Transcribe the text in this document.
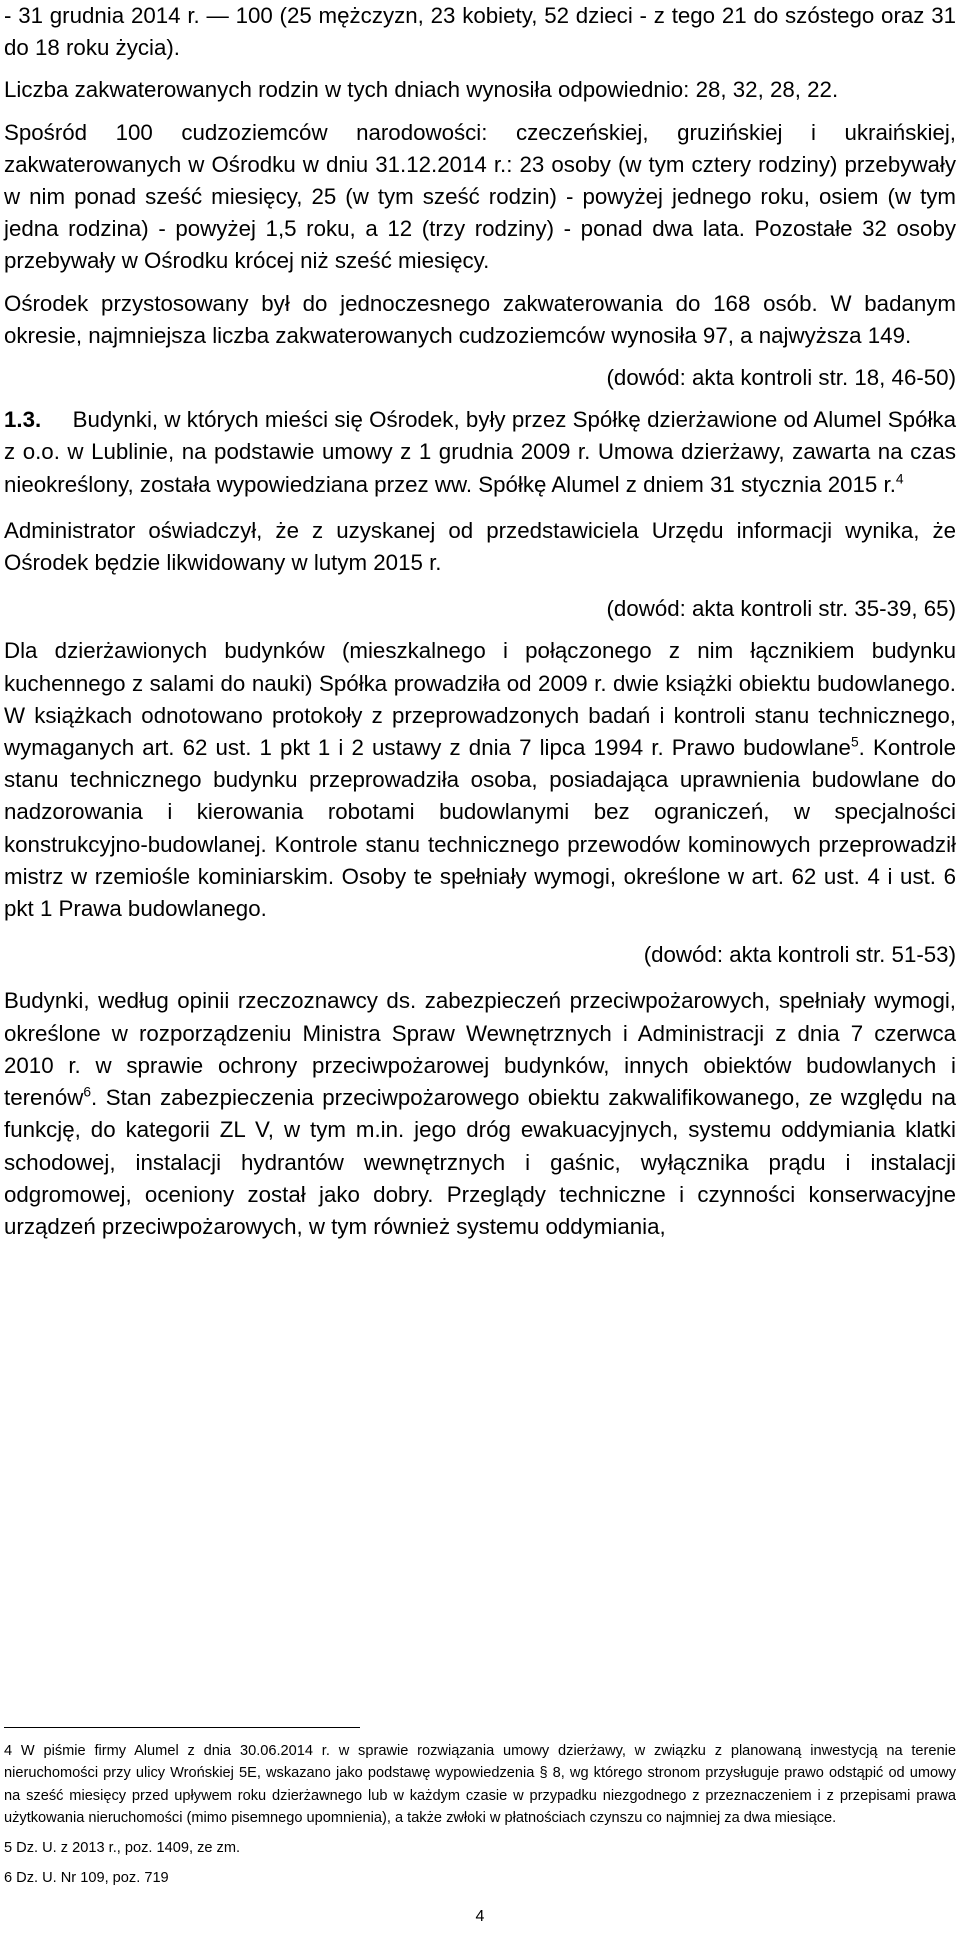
- 31 grudnia 2014 r. — 100 (25 mężczyzn, 23 kobiety, 52 dzieci - z tego 21 do szóstego oraz 31 do 18 roku życia).

Liczba zakwaterowanych rodzin w tych dniach wynosiła odpowiednio: 28, 32, 28, 22.

Spośród 100 cudzoziemców narodowości: czeczeńskiej, gruzińskiej i ukraińskiej, zakwaterowanych w Ośrodku w dniu 31.12.2014 r.: 23 osoby (w tym cztery rodziny) przebywały w nim ponad sześć miesięcy, 25 (w tym sześć rodzin) - powyżej jednego roku, osiem (w tym jedna rodzina) - powyżej 1,5 roku, a 12 (trzy rodziny) - ponad dwa lata. Pozostałe 32 osoby przebywały w Ośrodku krócej niż sześć miesięcy.

Ośrodek przystosowany był do jednoczesnego zakwaterowania do 168 osób. W badanym okresie, najmniejsza liczba zakwaterowanych cudzoziemców wynosiła 97, a najwyższa 149.

(dowód: akta kontroli str. 18, 46-50)

1.3. Budynki, w których mieści się Ośrodek, były przez Spółkę dzierżawione od Alumel Spółka z o.o. w Lublinie, na podstawie umowy z 1 grudnia 2009 r. Umowa dzierżawy, zawarta na czas nieokreślony, została wypowiedziana przez ww. Spółkę Alumel z dniem 31 stycznia 2015 r.$^4$

Administrator oświadczył, że z uzyskanej od przedstawiciela Urzędu informacji wynika, że Ośrodek będzie likwidowany w lutym 2015 r.

(dowód: akta kontroli str. 35-39, 65)

Dla dzierżawionych budynków (mieszkalnego i połączonego z nim łącznikiem budynku kuchennego z salami do nauki) Spółka prowadziła od 2009 r. dwie książki obiektu budowlanego. W książkach odnotowano protokoły z przeprowadzonych badań i kontroli stanu technicznego, wymaganych art. 62 ust. 1 pkt 1 i 2 ustawy z dnia 7 lipca 1994 r. Prawo budowlane$^5$. Kontrole stanu technicznego budynku przeprowadziła osoba, posiadająca uprawnienia budowlane do nadzorowania i kierowania robotami budowlanymi bez ograniczeń, w specjalności konstrukcyjno-budowlanej. Kontrole stanu technicznego przewodów kominowych przeprowadził mistrz w rzemiośle kominiarskim. Osoby te spełniały wymogi, określone w art. 62 ust. 4 i ust. 6 pkt 1 Prawa budowlanego.

(dowód: akta kontroli str. 51-53)

Budynki, według opinii rzeczoznawcy ds. zabezpieczeń przeciwpożarowych, spełniały wymogi, określone w rozporządzeniu Ministra Spraw Wewnętrznych i Administracji z dnia 7 czerwca 2010 r. w sprawie ochrony przeciwpożarowej budynków, innych obiektów budowlanych i terenów$^6$. Stan zabezpieczenia przeciwpożarowego obiektu zakwalifikowanego, ze względu na funkcję, do kategorii ZL V, w tym m.in. jego dróg ewakuacyjnych, systemu oddymiania klatki schodowej, instalacji hydrantów wewnętrznych i gaśnic, wyłącznika prądu i instalacji odgromowej, oceniony został jako dobry. Przeglądy techniczne i czynności konserwacyjne urządzeń przeciwpożarowych, w tym również systemu oddymiania,

4 W piśmie firmy Alumel z dnia 30.06.2014 r. w sprawie rozwiązania umowy dzierżawy, w związku z planowaną inwestycją na terenie nieruchomości przy ulicy Wrońskiej 5E, wskazano jako podstawę wypowiedzenia § 8, wg którego stronom przysługuje prawo odstąpić od umowy na sześć miesięcy przed upływem roku dzierżawnego lub w każdym czasie w przypadku niezgodnego z przeznaczeniem i z przepisami prawa użytkowania nieruchomości (mimo pisemnego upomnienia), a także zwłoki w płatnościach czynszu co najmniej za dwa miesiące.

5 Dz. U. z 2013 r., poz. 1409, ze zm.

6 Dz. U. Nr 109, poz. 719

4
